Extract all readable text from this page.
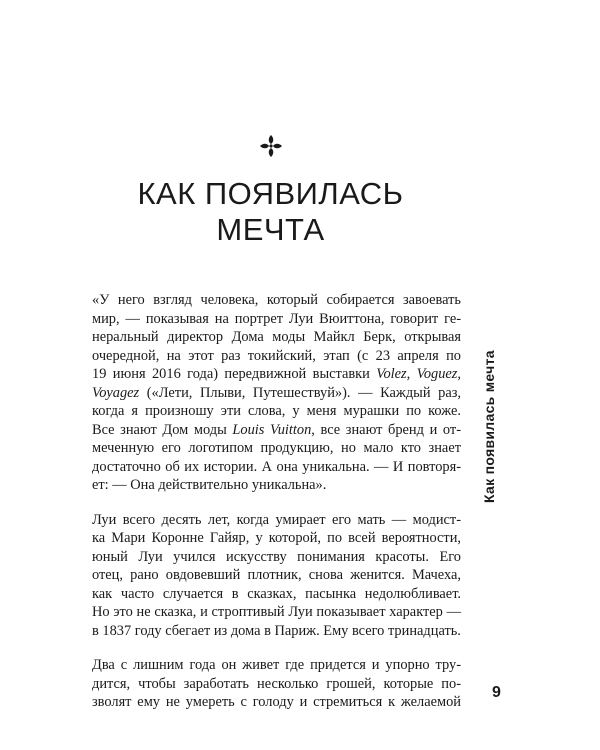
КАК ПОЯВИЛАСЬ
МЕЧТА
«У него взгляд человека, который собирается завоевать
мир, — показывая на портрет Луи Вюиттона, говорит ге-
неральный директор Дома моды Майкл Берк, открывая
очередной, на этот раз токийский, этап (с 23 апреля по
19 июня 2016 года) передвижной выставки Volez, Voguez,
Voyagez («Лети, Плыви, Путешествуй»). — Каждый раз,
когда я произношу эти слова, у меня мурашки по коже.
Все знают Дом моды Louis Vuitton, все знают бренд и от-
меченную его логотипом продукцию, но мало кто знает
достаточно об их истории. А она уникальна. — И повторя-
ет: — Она действительно уникальна».
Луи всего десять лет, когда умирает его мать — модист-
ка Мари Коронне Гайяр, у которой, по всей вероятности,
юный Луи учился искусству понимания красоты. Его
отец, рано овдовевший плотник, снова женится. Мачеха,
как часто случается в сказках, пасынка недолюбливает.
Но это не сказка, и строптивый Луи показывает характер —
в 1837 году сбегает из дома в Париж. Ему всего тринадцать.
Два с лишним года он живет где придется и упорно тру-
дится, чтобы заработать несколько грошей, которые по-
зволят ему не умереть с голоду и стремиться к желаемой
Как появилась мечта
9
